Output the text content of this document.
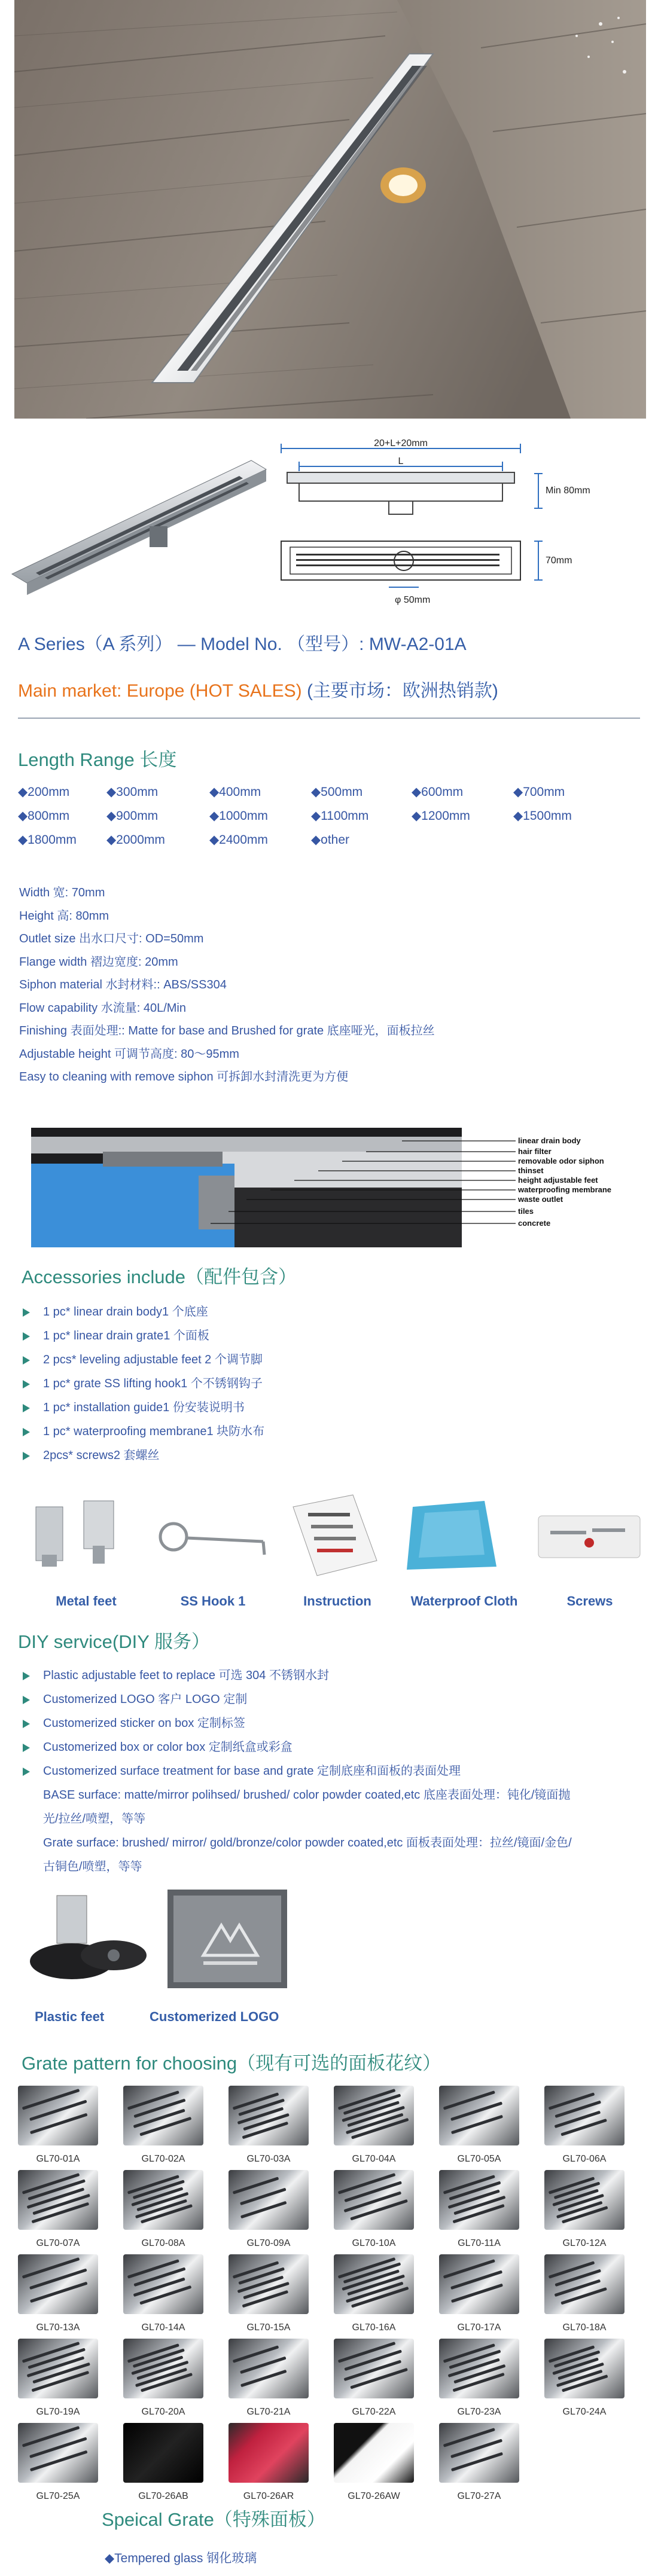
20+L+20mm
L
Min 80mm
70mm
φ 50mm
A Series（A 系列） — Model No. （型号）: MW-A2-01A
Main market: Europe (HOT SALES) (主要市场：欧洲热销款)
Length Range 长度
◆200mm	◆300mm	◆400mm	◆500mm	◆600mm	◆700mm
◆800mm	◆900mm	◆1000mm	◆1100mm	◆1200mm	◆1500mm
◆1800mm ◆2000mm	◆2400mm	◆other
Width 宽: 70mm
Height 高: 80mm
Outlet size 出水口尺寸: OD=50mm
Flange width 褶边宽度: 20mm
Siphon material 水封材料:: ABS/SS304
Flow capability 水流量: 40L/Min
Finishing 表面处理:: Matte for base and Brushed for grate 底座哑光，面板拉丝
Adjustable height 可调节高度: 80～95mm
Easy to cleaning with remove siphon 可拆卸水封清洗更为方便
linear drain body
hair filter
removable odor siphon
thinset
height adjustable feet
waterproofing membrane
waste outlet
tiles
concrete
Accessories include（配件包含）
1 pc* linear drain body1 个底座
1 pc* linear drain grate1 个面板
2 pcs* leveling adjustable feet 2 个调节脚
1 pc* grate SS lifting hook1 个不锈钢钩子
1 pc* installation guide1 份安装说明书
1 pc* waterproofing membrane1 块防水布
2pcs* screws2 套螺丝
Metal feet	SS Hook 1	Instruction	Waterproof Cloth	Screws
DIY service(DIY 服务）
Plastic adjustable feet to replace 可选 304 不锈钢水封
Customerized LOGO 客户 LOGO 定制
Customerized sticker on box 定制标签
Customerized box or color box 定制纸盒或彩盒
Customerized surface treatment for base and grate 定制底座和面板的表面处理
BASE surface: matte/mirror polihsed/ brushed/ color powder coated,etc 底座表面处理：钝化/镜面抛
光/拉丝/喷塑，等等
Grate surface: brushed/ mirror/ gold/bronze/color powder coated,etc 面板表面处理：拉丝/镜面/金色/
古铜色/喷塑，等等
Plastic feet	Customerized LOGO
Grate pattern for choosing（现有可选的面板花纹）
GL70-01A	GL70-02A	GL70-03A	GL70-04A	GL70-05A	GL70-06A
GL70-07A	GL70-08A	GL70-09A	GL70-10A	GL70-11A	GL70-12A
GL70-13A	GL70-14A	GL70-15A	GL70-16A	GL70-17A	GL70-18A
GL70-19A	GL70-20A	GL70-21A	GL70-22A	GL70-23A	GL70-24A
GL70-25A	GL70-26AB	GL70-26AR	GL70-26AW	GL70-27A
Speical Grate（特殊面板）
◆Tempered glass 钢化玻璃
